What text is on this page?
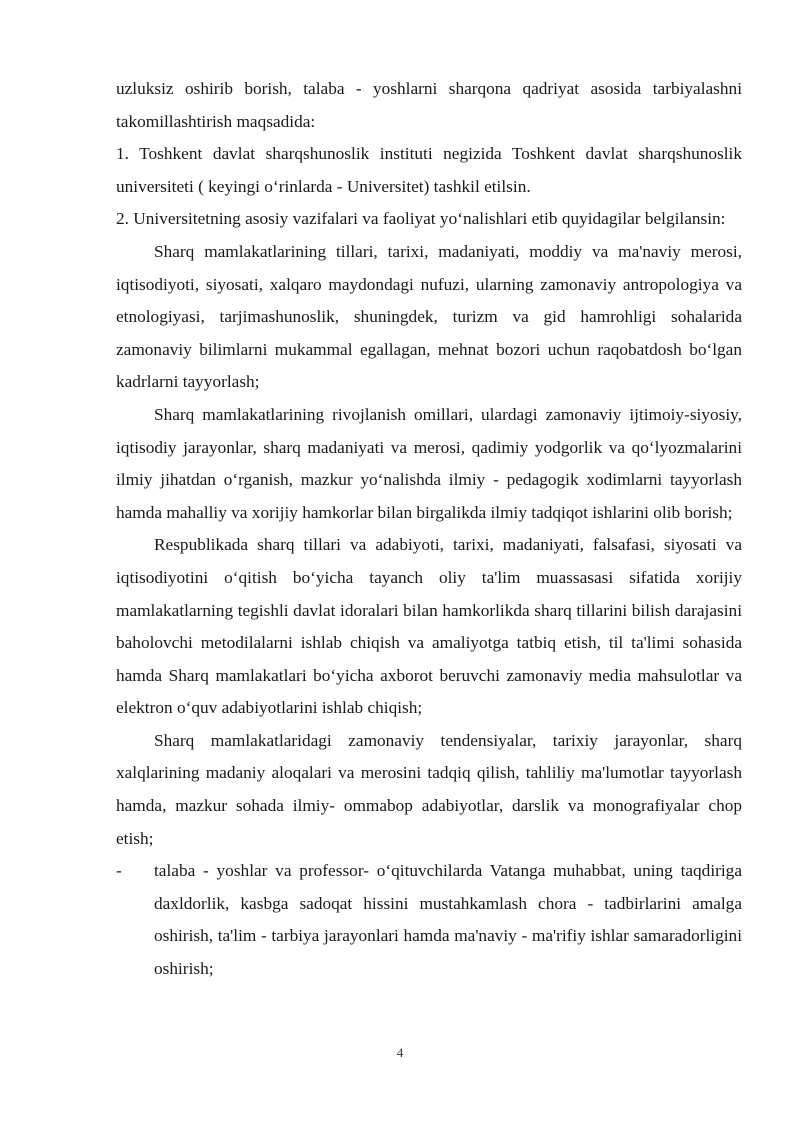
uzluksiz oshirib borish, talaba - yoshlarni sharqona qadriyat asosida tarbiyalashni takomillashtirish maqsadida:

1. Toshkent davlat sharqshunoslik instituti negizida Toshkent davlat sharqshunoslik universiteti ( keyingi o‘rinlarda - Universitet) tashkil etilsin.

2. Universitetning asosiy vazifalari va faoliyat yo‘nalishlari etib quyidagilar belgilansin:

Sharq mamlakatlarining tillari, tarixi, madaniyati, moddiy va ma'naviy merosi, iqtisodiyoti, siyosati, xalqaro maydondagi nufuzi, ularning zamonaviy antropologiya va etnologiyasi, tarjimashunoslik, shuningdek, turizm va gid hamrohligi sohalarida zamonaviy bilimlarni mukammal egallagan, mehnat bozori uchun raqobatdosh bo‘lgan kadrlarni tayyorlash;

Sharq mamlakatlarining rivojlanish omillari, ulardagi zamonaviy ijtimoiy-siyosiy, iqtisodiy jarayonlar, sharq madaniyati va merosi, qadimiy yodgorlik va qo‘lyozmalarini ilmiy jihatdan o‘rganish, mazkur yo‘nalishda ilmiy - pedagogik xodimlarni tayyorlash hamda mahalliy va xorijiy hamkorlar bilan birgalikda ilmiy tadqiqot ishlarini olib borish;

Respublikada sharq tillari va adabiyoti, tarixi, madaniyati, falsafasi, siyosati va iqtisodiyotini o‘qitish bo‘yicha tayanch oliy ta'lim muassasasi sifatida xorijiy mamlakatlarning tegishli davlat idoralari bilan hamkorlikda sharq tillarini bilish darajasini baholovchi metodilalarni ishlab chiqish va amaliyotga tatbiq etish, til ta'limi sohasida hamda Sharq mamlakatlari bo‘yicha axborot beruvchi zamonaviy media mahsulotlar va elektron o‘quv adabiyotlarini ishlab chiqish;

Sharq mamlakatlaridagi zamonaviy tendensiyalar, tarixiy jarayonlar, sharq xalqlarining madaniy aloqalari va merosini tadqiq qilish, tahliliy ma'lumotlar tayyorlash hamda, mazkur sohada ilmiy- ommabop adabiyotlar, darslik va monografiyalar chop etish;

-	talaba - yoshlar va professor- o‘qituvchilarda Vatanga muhabbat, uning taqdiriga daxldorlik, kasbga sadoqat hissini mustahkamlash chora - tadbirlarini amalga oshirish, ta'lim - tarbiya jarayonlari hamda ma'naviy - ma'rifiy ishlar samaradorligini oshirish;
4
